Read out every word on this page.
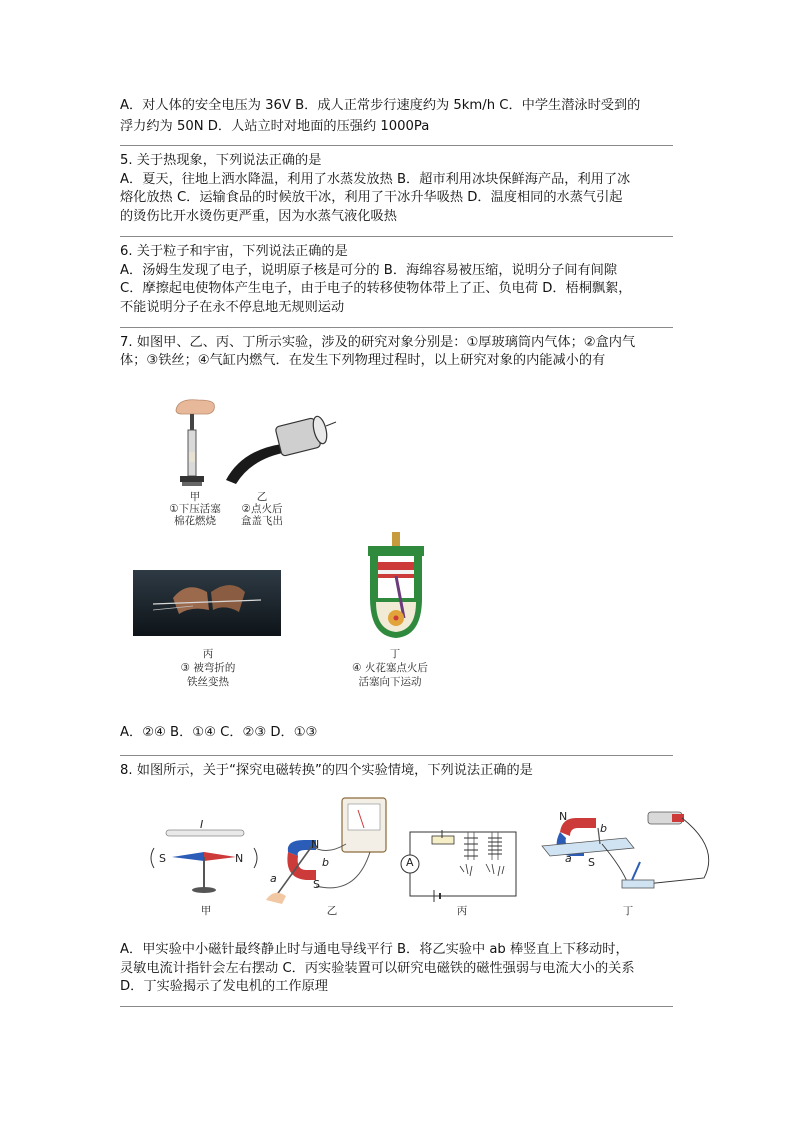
A．对人体的安全电压为 36V B．成人正常步行速度约为 5km/h C．中学生潜泳时受到的
浮力约为 50N D．人站立时对地面的压强约 1000Pa
5. 关于热现象，下列说法正确的是
A．夏天，往地上洒水降温，利用了水蒸发放热 B．超市利用冰块保鲜海产品，利用了冰
熔化放热 C．运输食品的时候放干冰，利用了干冰升华吸热 D．温度相同的水蒸气引起
的烫伤比开水烫伤更严重，因为水蒸气液化吸热
6. 关于粒子和宇宙，下列说法正确的是
A．汤姆生发现了电子，说明原子核是可分的 B．海绵容易被压缩，说明分子间有间隙
C．摩擦起电使物体产生电子，由于电子的转移使物体带上了正、负电荷 D．梧桐飘絮，
不能说明分子在永不停息地无规则运动
7. 如图甲、乙、丙、丁所示实验，涉及的研究对象分别是：①厚玻璃筒内气体；②盒内气
体；③铁丝；④气缸内燃气．在发生下列物理过程时，以上研究对象的内能减小的有
甲
①下压活塞
棉花燃烧
乙
②点火后
盒盖飞出
丙
③ 被弯折的
铁丝变热
丁
④ 火花塞点火后
活塞向下运动
A．②④ B．①④ C．②③ D．①③
8. 如图所示，关于“探究电磁转换”的四个实验情境，下列说法正确的是
I
S	N
甲
N
a
b
S
乙
A
丙
N
b
a S
丁
A．甲实验中小磁针最终静止时与通电导线平行 B．将乙实验中 ab 棒竖直上下移动时，
灵敏电流计指针会左右摆动 C．丙实验装置可以研究电磁铁的磁性强弱与电流大小的关系
D．丁实验揭示了发电机的工作原理
